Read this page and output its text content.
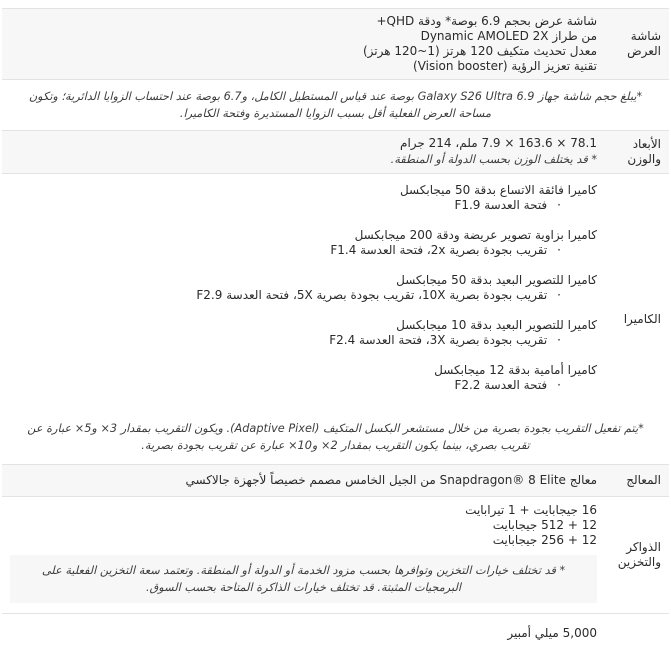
شاشة العرض
شاشة عرض بحجم 6.9 بوصة* ودقة QHD+
من طراز Dynamic AMOLED 2X
معدل تحديث متكيف 120 هرتز (1~120 هرتز)
تقنية تعزيز الرؤية (Vision booster)
*يبلغ حجم شاشة جهاز Galaxy S26 Ultra 6.9 بوصة عند قياس المستطيل الكامل، و6.7 بوصة عند احتساب الزوايا الدائرية؛ وتكون مساحة العرض الفعلية أقل بسبب الزوايا المستديرة وفتحة الكاميرا.
الأبعاد والوزن
78.1 × 163.6 × 7.9 ملم، 214 جرام
* قد يختلف الوزن بحسب الدولة أو المنطقة.
الكاميرا
كاميرا فائقة الاتساع بدقة 50 ميجابكسل
· فتحة العدسة F1.9
كاميرا بزاوية تصوير عريضة ودقة 200 ميجابكسل
· تقريب بجودة بصرية 2x، فتحة العدسة F1.4
كاميرا للتصوير البعيد بدقة 50 ميجابكسل
· تقريب بجودة بصرية 10X، تقريب بجودة بصرية 5X، فتحة العدسة F2.9
كاميرا للتصوير البعيد بدقة 10 ميجابكسل
· تقريب بجودة بصرية 3X، فتحة العدسة F2.4
كاميرا أمامية بدقة 12 ميجابكسل
· فتحة العدسة F2.2
*يتم تفعيل التقريب بجودة بصرية من خلال مستشعر البكسل المتكيف (Adaptive Pixel). ويكون التقريب بمقدار 3× و5× عبارة عن تقريب بصري، بينما يكون التقريب بمقدار 2× و10× عبارة عن تقريب بجودة بصرية.
المعالج
معالج Snapdragon® 8 Elite من الجيل الخامس مصمم خصيصاً لأجهزة جالاكسي
الذواكر والتخزين
16 جيجابايت + 1 تيرابايت
12 + 512 جيجابايت
12 + 256 جيجابايت
* قد تختلف خيارات التخزين وتوافرها بحسب مزود الخدمة أو الدولة أو المنطقة. وتعتمد سعة التخزين الفعلية على البرمجيات المثبتة. قد تختلف خيارات الذاكرة المتاحة بحسب السوق.
5,000 ميلي أمبير
